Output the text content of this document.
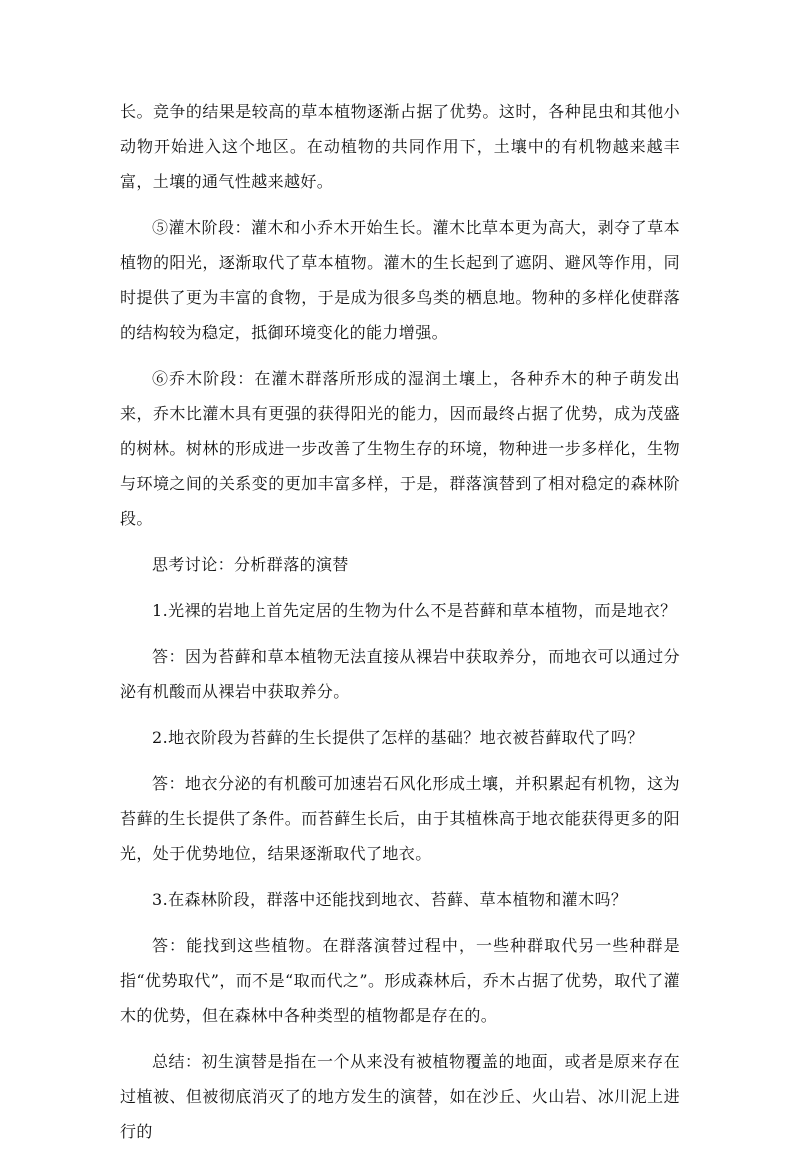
长。竞争的结果是较高的草本植物逐渐占据了优势。这时，各种昆虫和其他小动物开始进入这个地区。在动植物的共同作用下，土壤中的有机物越来越丰富，土壤的通气性越来越好。

⑤灌木阶段：灌木和小乔木开始生长。灌木比草本更为高大，剥夺了草本植物的阳光，逐渐取代了草本植物。灌木的生长起到了遮阴、避风等作用，同时提供了更为丰富的食物，于是成为很多鸟类的栖息地。物种的多样化使群落的结构较为稳定，抵御环境变化的能力增强。

⑥乔木阶段：在灌木群落所形成的湿润土壤上，各种乔木的种子萌发出来，乔木比灌木具有更强的获得阳光的能力，因而最终占据了优势，成为茂盛的树林。树林的形成进一步改善了生物生存的环境，物种进一步多样化，生物与环境之间的关系变的更加丰富多样，于是，群落演替到了相对稳定的森林阶段。

思考讨论：分析群落的演替

1.光裸的岩地上首先定居的生物为什么不是苔藓和草本植物，而是地衣？

答：因为苔藓和草本植物无法直接从裸岩中获取养分，而地衣可以通过分泌有机酸而从裸岩中获取养分。

2.地衣阶段为苔藓的生长提供了怎样的基础？地衣被苔藓取代了吗？

答：地衣分泌的有机酸可加速岩石风化形成土壤，并积累起有机物，这为苔藓的生长提供了条件。而苔藓生长后，由于其植株高于地衣能获得更多的阳光，处于优势地位，结果逐渐取代了地衣。

3.在森林阶段，群落中还能找到地衣、苔藓、草本植物和灌木吗？

答：能找到这些植物。在群落演替过程中，一些种群取代另一些种群是指“优势取代”，而不是“取而代之”。形成森林后，乔木占据了优势，取代了灌木的优势，但在森林中各种类型的植物都是存在的。

总结：初生演替是指在一个从来没有被植物覆盖的地面，或者是原来存在过植被、但被彻底消灭了的地方发生的演替，如在沙丘、火山岩、冰川泥上进行的
